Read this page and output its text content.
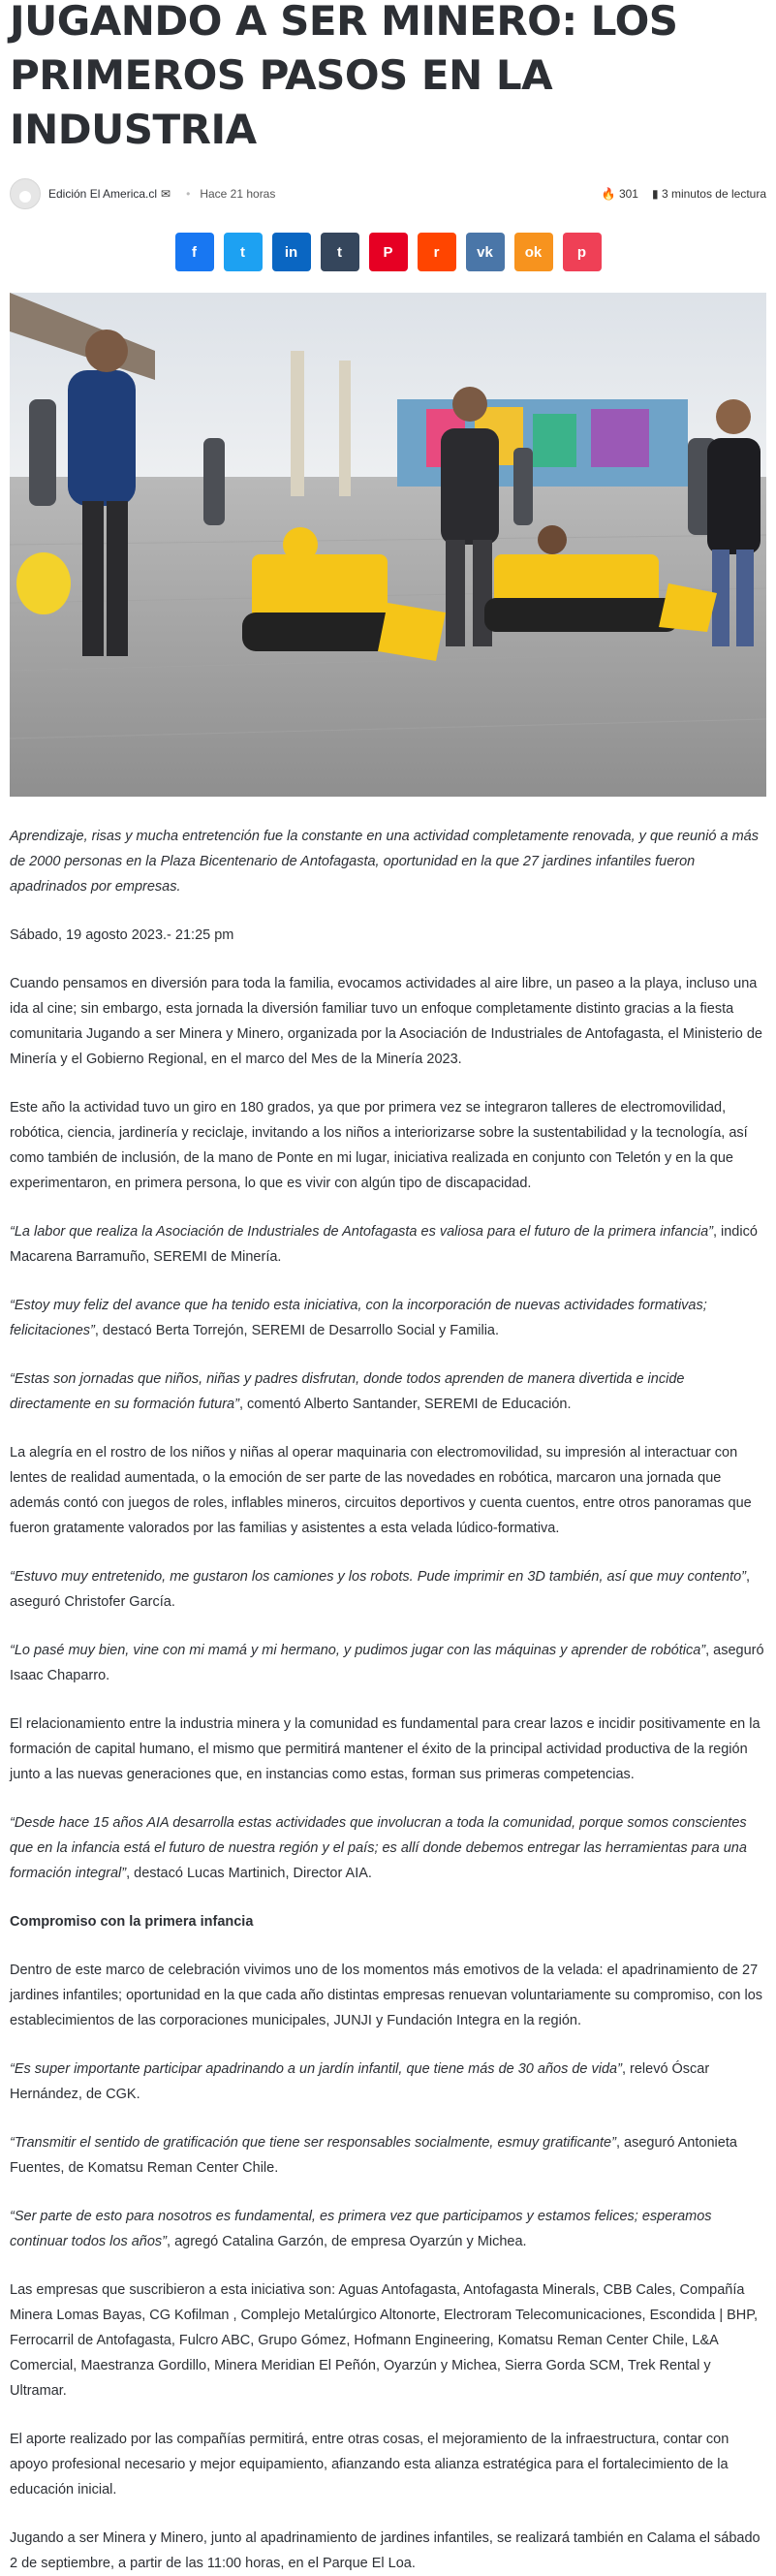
JUGANDO A SER MINERO: LOS PRIMEROS PASOS EN LA INDUSTRIA
Edición El America.cl ✉ • Hace 21 horas	🔥 301 ▮ 3 minutos de lectura
f	t	in	t	P	r	vk ok p

Aprendizaje, risas y mucha entretención fue la constante en una actividad completamente renovada, y que reunió a más de 2000 personas en la Plaza Bicentenario de Antofagasta, oportunidad en la que 27 jardines infantiles fueron apadrinados por empresas.

Sábado, 19 agosto 2023.- 21:25 pm

Cuando pensamos en diversión para toda la familia, evocamos actividades al aire libre, un paseo a la playa, incluso una ida al cine; sin embargo, esta jornada la diversión familiar tuvo un enfoque completamente distinto gracias a la fiesta comunitaria Jugando a ser Minera y Minero, organizada por la Asociación de Industriales de Antofagasta, el Ministerio de Minería y el Gobierno Regional, en el marco del Mes de la Minería 2023.

Este año la actividad tuvo un giro en 180 grados, ya que por primera vez se integraron talleres de electromovilidad, robótica, ciencia, jardinería y reciclaje, invitando a los niños a interiorizarse sobre la sustentabilidad y la tecnología, así como también de inclusión, de la mano de Ponte en mi lugar, iniciativa realizada en conjunto con Teletón y en la que experimentaron, en primera persona, lo que es vivir con algún tipo de discapacidad.

“La labor que realiza la Asociación de Industriales de Antofagasta es valiosa para el futuro de la primera infancia”, indicó Macarena Barramuño, SEREMI de Minería.

“Estoy muy feliz del avance que ha tenido esta iniciativa, con la incorporación de nuevas actividades formativas; felicitaciones”, destacó Berta Torrejón, SEREMI de Desarrollo Social y Familia.

“Estas son jornadas que niños, niñas y padres disfrutan, donde todos aprenden de manera divertida e incide directamente en su formación futura”, comentó Alberto Santander, SEREMI de Educación.

La alegría en el rostro de los niños y niñas al operar maquinaria con electromovilidad, su impresión al interactuar con lentes de realidad aumentada, o la emoción de ser parte de las novedades en robótica, marcaron una jornada que además contó con juegos de roles, inflables mineros, circuitos deportivos y cuenta cuentos, entre otros panoramas que fueron gratamente valorados por las familias y asistentes a esta velada lúdico-formativa.

“Estuvo muy entretenido, me gustaron los camiones y los robots. Pude imprimir en 3D también, así que muy contento”, aseguró Christofer García.

“Lo pasé muy bien, vine con mi mamá y mi hermano, y pudimos jugar con las máquinas y aprender de robótica”, aseguró Isaac Chaparro.

El relacionamiento entre la industria minera y la comunidad es fundamental para crear lazos e incidir positivamente en la formación de capital humano, el mismo que permitirá mantener el éxito de la principal actividad productiva de la región junto a las nuevas generaciones que, en instancias como estas, forman sus primeras competencias.

“Desde hace 15 años AIA desarrolla estas actividades que involucran a toda la comunidad, porque somos conscientes que en la infancia está el futuro de nuestra región y el país; es allí donde debemos entregar las herramientas para una formación integral”, destacó Lucas Martinich, Director AIA.

Compromiso con la primera infancia

Dentro de este marco de celebración vivimos uno de los momentos más emotivos de la velada: el apadrinamiento de 27 jardines infantiles; oportunidad en la que cada año distintas empresas renuevan voluntariamente su compromiso, con los establecimientos de las corporaciones municipales, JUNJI y Fundación Integra en la región.

“Es super importante participar apadrinando a un jardín infantil, que tiene más de 30 años de vida”, relevó Óscar Hernández, de CGK.

“Transmitir el sentido de gratificación que tiene ser responsables socialmente, esmuy gratificante”, aseguró Antonieta Fuentes, de Komatsu Reman Center Chile.

“Ser parte de esto para nosotros es fundamental, es primera vez que participamos y estamos felices; esperamos continuar todos los años”, agregó Catalina Garzón, de empresa Oyarzún y Michea.

Las empresas que suscribieron a esta iniciativa son: Aguas Antofagasta, Antofagasta Minerals, CBB Cales, Compañía Minera Lomas Bayas, CG Kofilman , Complejo Metalúrgico Altonorte, Electroram Telecomunicaciones, Escondida | BHP, Ferrocarril de Antofagasta, Fulcro ABC, Grupo Gómez, Hofmann Engineering, Komatsu Reman Center Chile, L&A Comercial, Maestranza Gordillo, Minera Meridian El Peñón, Oyarzún y Michea, Sierra Gorda SCM, Trek Rental y Ultramar.

El aporte realizado por las compañías permitirá, entre otras cosas, el mejoramiento de la infraestructura, contar con apoyo profesional necesario y mejor equipamiento, afianzando esta alianza estratégica para el fortalecimiento de la educación inicial.

Jugando a ser Minera y Minero, junto al apadrinamiento de jardines infantiles, se realizará también en Calama el sábado 2 de septiembre, a partir de las 11:00 horas, en el Parque El Loa.
